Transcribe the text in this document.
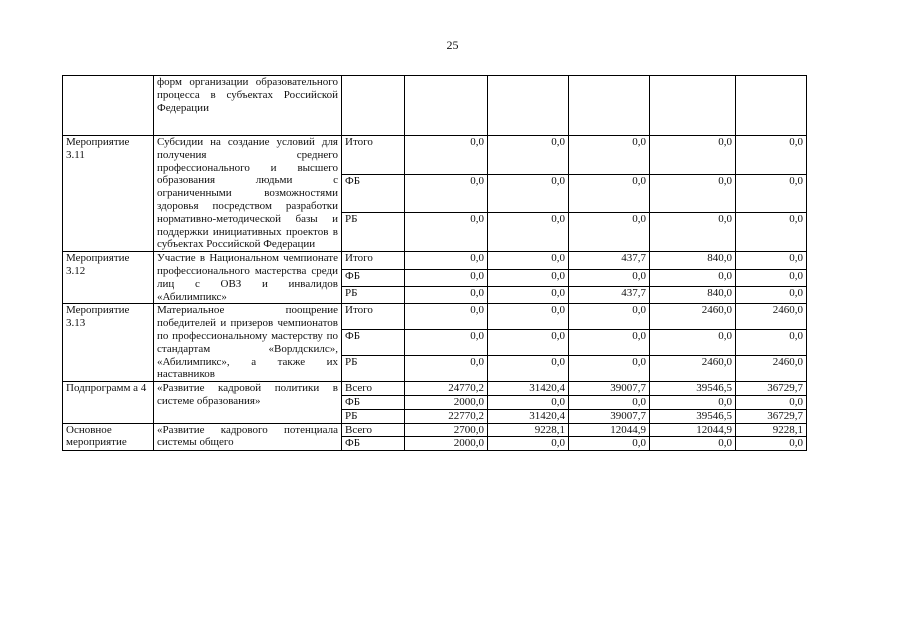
25
	форм организации образовательного процесса в субъектах Российской Федерации						
Мероприятие 3.11	Субсидии на создание условий для получения среднего профессионального и высшего образования людьми с ограниченными возможностями здоровья посредством разработки нормативно-методической базы и поддержки инициативных проектов в субъектах Российской Федерации	Итого	0,0	0,0	0,0	0,0	0,0
		ФБ	0,0	0,0	0,0	0,0	0,0
		РБ	0,0	0,0	0,0	0,0	0,0
Мероприятие 3.12	Участие в Национальном чемпионате профессионального мастерства среди лиц с ОВЗ и инвалидов «Абилимпикс»	Итого	0,0	0,0	437,7	840,0	0,0
		ФБ	0,0	0,0	0,0	0,0	0,0
		РБ	0,0	0,0	437,7	840,0	0,0
Мероприятие 3.13	Материальное поощрение победителей и призеров чемпионатов по профессиональному мастерству по стандартам «Ворлдскилс», «Абилимпикс», а также их наставников	Итого	0,0	0,0	0,0	2460,0	2460,0
		ФБ	0,0	0,0	0,0	0,0	0,0
		РБ	0,0	0,0	0,0	2460,0	2460,0
Подпрограмм а 4	«Развитие кадровой политики в системе образования»	Всего	24770,2	31420,4	39007,7	39546,5	36729,7
		ФБ	2000,0	0,0	0,0	0,0	0,0
		РБ	22770,2	31420,4	39007,7	39546,5	36729,7
Основное мероприятие	«Развитие кадрового потенциала системы общего	Всего	2700,0	9228,1	12044,9	12044,9	9228,1
		ФБ	2000,0	0,0	0,0	0,0	0,0
